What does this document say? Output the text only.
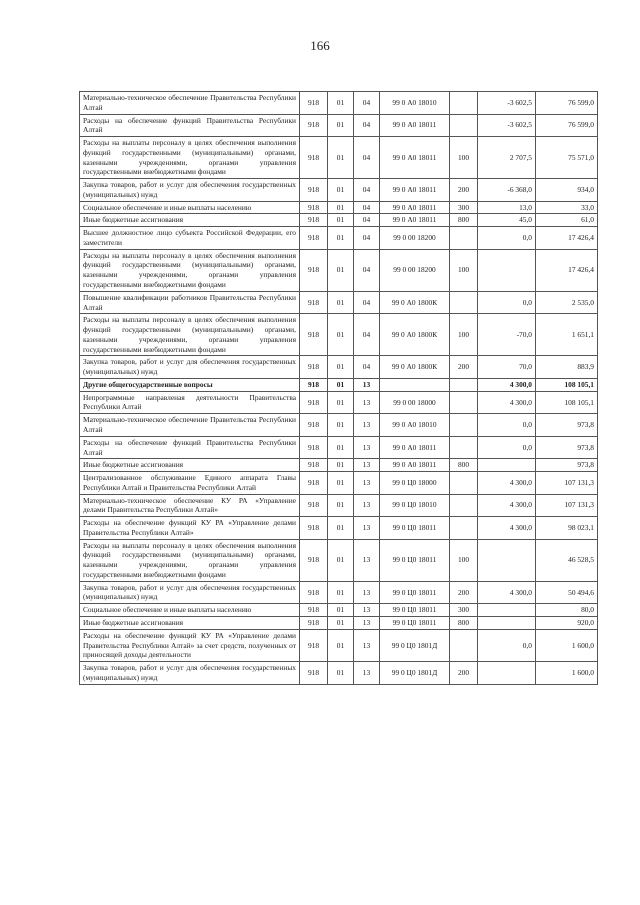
166
Материально-техническое обеспечение Правительства Республики Алтай	918	01	04	99 0 А0 18010		-3 602,5	76 599,0
Расходы на обеспечение функций Правительства Республики Алтай	918	01	04	99 0 А0 18011		-3 602,5	76 599,0
Расходы на выплаты персоналу в целях обеспечения выполнения функций государственными (муниципальными) органами, казенными учреждениями, органами управления государственными внебюджетными фондами	918	01	04	99 0 А0 18011	100	2 707,5	75 571,0
Закупка товаров, работ и услуг для обеспечения государственных (муниципальных) нужд	918	01	04	99 0 А0 18011	200	-6 368,0	934,0
Социальное обеспечение и иные выплаты населению	918	01	04	99 0 А0 18011	300	13,0	33,0
Иные бюджетные ассигнования	918	01	04	99 0 А0 18011	800	45,0	61,0
Высшее должностное лицо субъекта Российской Федерации, его заместители	918	01	04	99 0 00 18200		0,0	17 426,4
Расходы на выплаты персоналу в целях обеспечения выполнения функций государственными (муниципальными) органами, казенными учреждениями, органами управления государственными внебюджетными фондами	918	01	04	99 0 00 18200	100		17 426,4
Повышение квалификации работников Правительства Республики Алтай	918	01	04	99 0 А0 1800К		0,0	2 535,0
Расходы на выплаты персоналу в целях обеспечения выполнения функций государственными (муниципальными) органами, казенными учреждениями, органами управления государственными внебюджетными фондами	918	01	04	99 0 А0 1800К	100	-70,0	1 651,1
Закупка товаров, работ и услуг для обеспечения государственных (муниципальных) нужд	918	01	04	99 0 А0 1800К	200	70,0	883,9
Другие общегосударственные вопросы	918	01	13			4 300,0	108 105,1
Непрограммные направленая деятельности Правительства Республики Алтай	918	01	13	99 0 00 18000		4 300,0	108 105,1
Материально-техническое обеспечение Правительства Республики Алтай	918	01	13	99 0 А0 18010		0,0	973,8
Расходы на обеспечение функций Правительства Республики Алтай	918	01	13	99 0 А0 18011		0,0	973,8
Иные бюджетные ассигнования	918	01	13	99 0 А0 18011	800		973,8
Централизованное обслуживание Единого аппарата Главы Республики Алтай и Правительства Республики Алтай	918	01	13	99 0 Ц0 18000		4 300,0	107 131,3
Материально-техническое обеспечение КУ РА «Управление делами Правительства Республики Алтай»	918	01	13	99 0 Ц0 18010		4 300,0	107 131,3
Расходы на обеспечение функций КУ РА «Управление делами Правительства Республики Алтай»	918	01	13	99 0 Ц0 18011		4 300,0	98 023,1
Расходы на выплаты персоналу в целях обеспечения выполнения функций государственными (муниципальными) органами, казенными учреждениями, органами управления государственными внебюджетными фондами	918	01	13	99 0 Ц0 18011	100		46 528,5
Закупка товаров, работ и услуг для обеспечения государственных (муниципальных) нужд	918	01	13	99 0 Ц0 18011	200	4 300,0	50 494,6
Социальное обеспечение и иные выплаты населению	918	01	13	99 0 Ц0 18011	300		80,0
Иные бюджетные ассигнования	918	01	13	99 0 Ц0 18011	800		920,0
Расходы на обеспечение функций КУ РА «Управление делами Правительства Республики Алтай» за счет средств, полученных от приносящей доходы деятельности	918	01	13	99 0 Ц0 1801Д		0,0	1 600,0
Закупка товаров, работ и услуг для обеспечения государственных (муниципальных) нужд	918	01	13	99 0 Ц0 1801Д	200		1 600,0
